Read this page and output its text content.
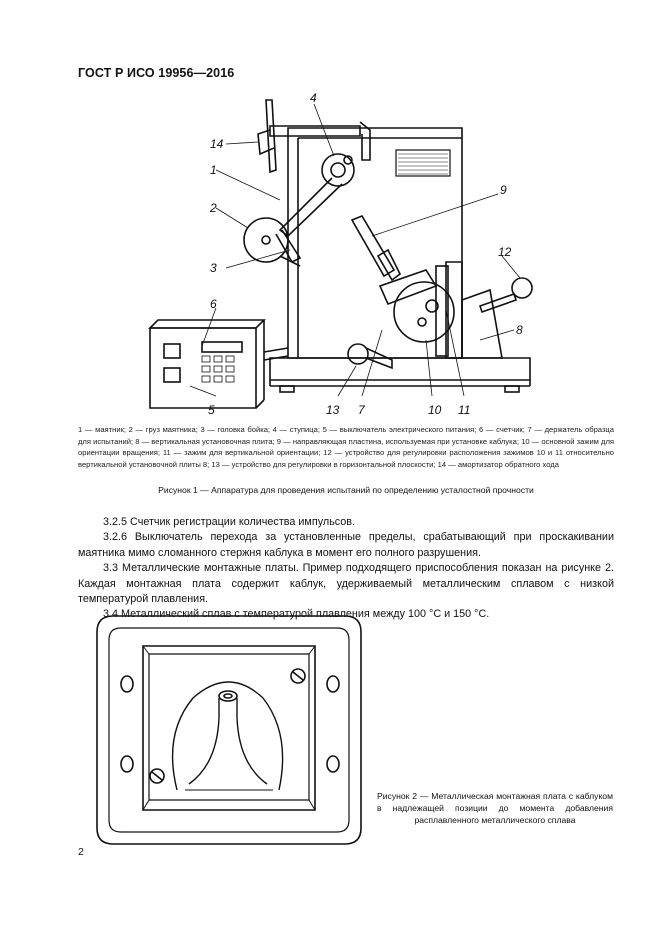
ГОСТ Р ИСО 19956—2016
4
14
1
2
3
6
5
9
12
8
13 7	10 11

1 — маятник; 2 — груз маятника; 3 — головка бойка; 4 — ступица; 5 — выключатель электрического питания; 6 — счетчик; 7 — держатель образца для испытаний; 8 — вертикальная установочная плита; 9 — направляющая пластина, используемая при установке каблука; 10 — основной зажим для ориентации вращения; 11 — зажим для вертикальной ориентации; 12 — устройство для регулировки расположения зажимов 10 и 11 относительно вертикальной установочной плиты 8; 13 — устройство для регулировки в горизонтальной плоскости; 14 — амортизатор обратного хода

Рисунок 1 — Аппаратура для проведения испытаний по определению усталостной прочности

3.2.5 Счетчик регистрации количества импульсов.

3.2.6 Выключатель перехода за установленные пределы, срабатывающий при проскакивании маятника мимо сломанного стержня каблука в момент его полного разрушения.

3.3 Металлические монтажные платы. Пример подходящего приспособления показан на рисунке 2. Каждая монтажная плата содержит каблук, удерживаемый металлическим сплавом с низкой температурой плавления.

3.4 Металлический сплав с температурой плавления между 100 °С и 150 °С.

Рисунок 2 — Металлическая монтажная плата с каблуком в надлежащей позиции до момента добавления расплавленного металлического сплава
2
